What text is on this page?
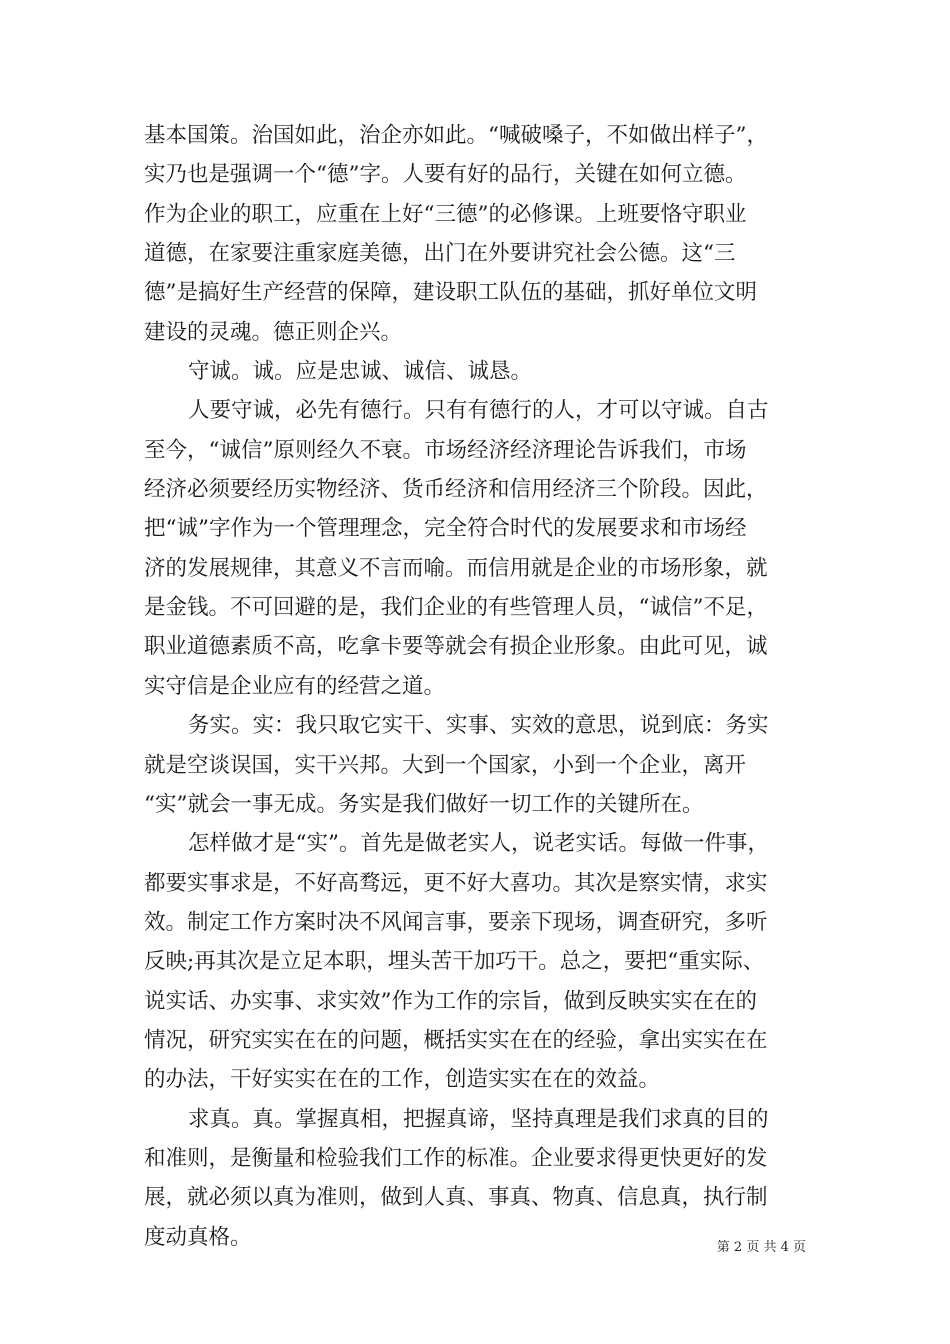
基本国策。治国如此，治企亦如此。“喊破嗓子，不如做出样子”，
实乃也是强调一个“德”字。人要有好的品行，关键在如何立德。
作为企业的职工，应重在上好“三德”的必修课。上班要恪守职业
道德，在家要注重家庭美德，出门在外要讲究社会公德。这“三
德”是搞好生产经营的保障，建设职工队伍的基础，抓好单位文明
建设的灵魂。德正则企兴。
守诚。诚。应是忠诚、诚信、诚恳。
人要守诚，必先有德行。只有有德行的人，才可以守诚。自古
至今，“诚信”原则经久不衰。市场经济经济理论告诉我们，市场
经济必须要经历实物经济、货币经济和信用经济三个阶段。因此，
把“诚”字作为一个管理理念，完全符合时代的发展要求和市场经
济的发展规律，其意义不言而喻。而信用就是企业的市场形象，就
是金钱。不可回避的是，我们企业的有些管理人员，“诚信”不足，
职业道德素质不高，吃拿卡要等就会有损企业形象。由此可见，诚
实守信是企业应有的经营之道。
务实。实：我只取它实干、实事、实效的意思，说到底：务实
就是空谈误国，实干兴邦。大到一个国家，小到一个企业，离开
“实”就会一事无成。务实是我们做好一切工作的关键所在。
怎样做才是“实”。首先是做老实人，说老实话。每做一件事，
都要实事求是，不好高骛远，更不好大喜功。其次是察实情，求实
效。制定工作方案时决不风闻言事，要亲下现场，调查研究，多听
反映;再其次是立足本职，埋头苦干加巧干。总之，要把“重实际、
说实话、办实事、求实效”作为工作的宗旨，做到反映实实在在的
情况，研究实实在在的问题，概括实实在在的经验，拿出实实在在
的办法，干好实实在在的工作，创造实实在在的效益。
求真。真。掌握真相，把握真谛，坚持真理是我们求真的目的
和准则，是衡量和检验我们工作的标准。企业要求得更快更好的发
展，就必须以真为准则，做到人真、事真、物真、信息真，执行制
度动真格。	第 2 页 共 4 页
